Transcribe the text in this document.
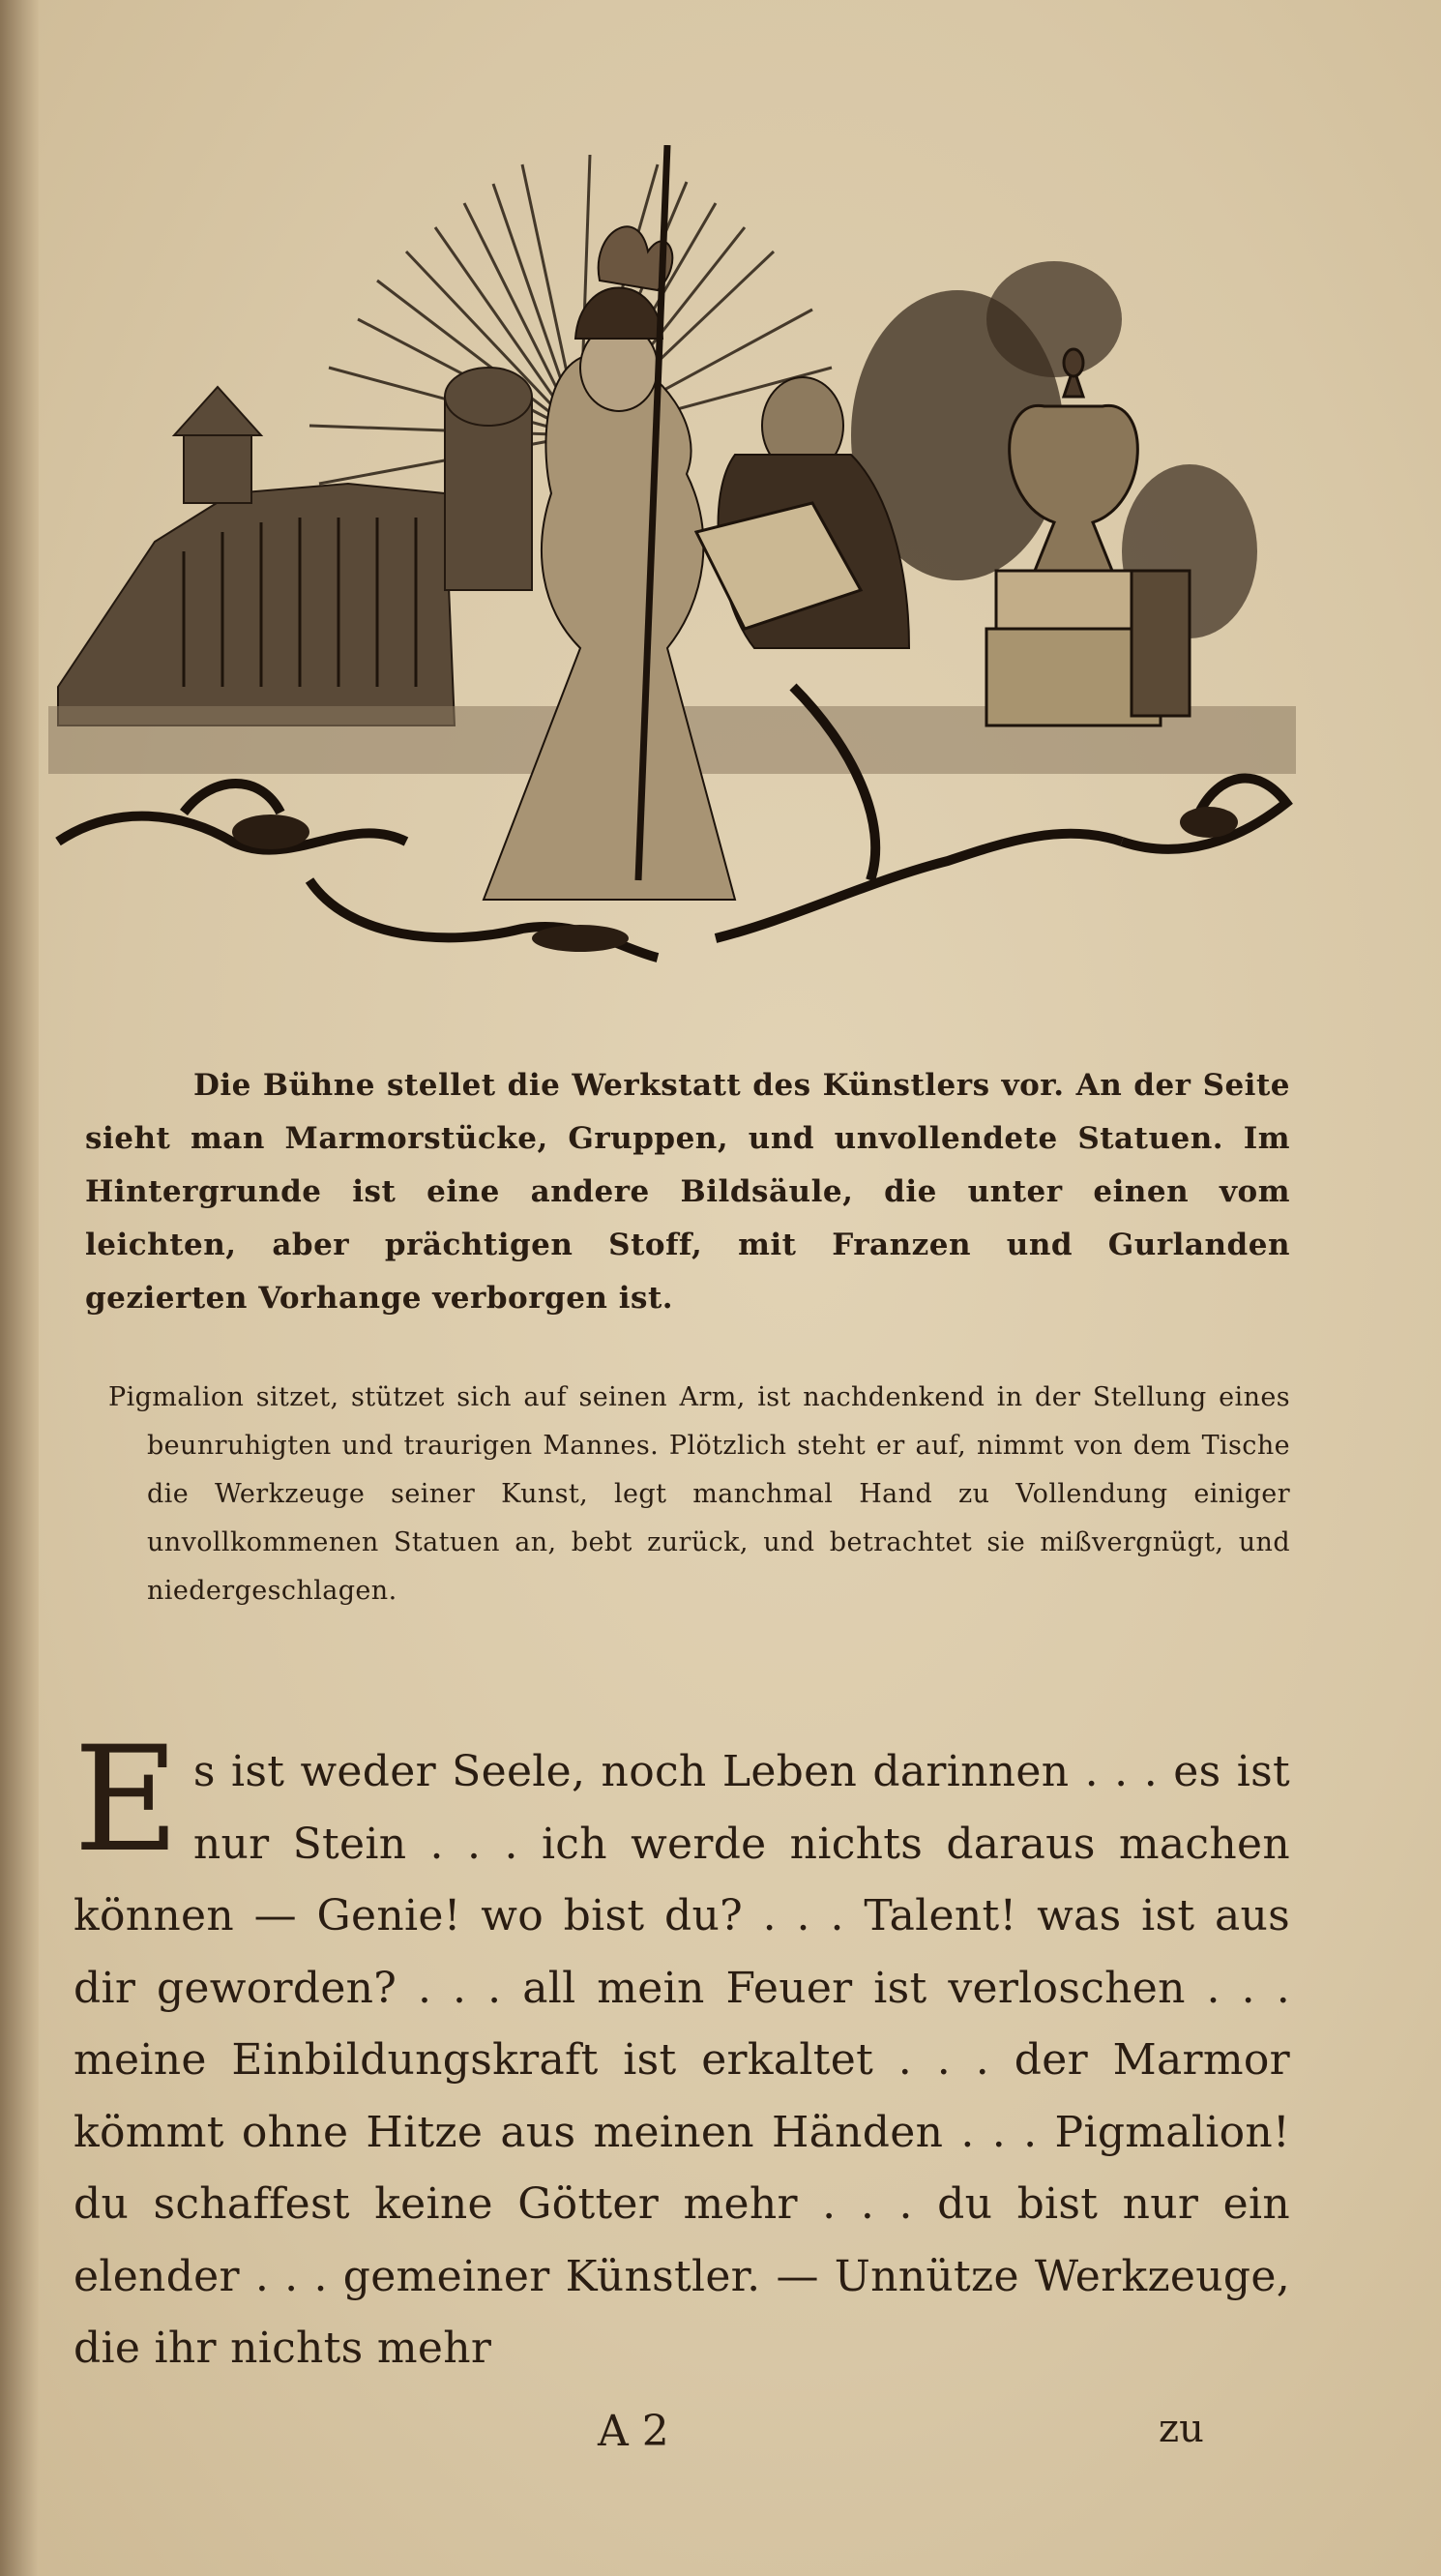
Die Bühne stellet die Werkstatt des Künstlers vor. An der Seite sieht man Marmorstücke, Gruppen, und unvollendete Statuen. Im Hintergrunde ist eine andere Bildsäule, die unter einen vom leichten, aber prächtigen Stoff, mit Franzen und Gurlanden gezierten Vorhange verborgen ist.

Pigmalion sitzet, stützet sich auf seinen Arm, ist nachdenkend in der Stellung eines beunruhigten und traurigen Mannes. Plötzlich steht er auf, nimmt von dem Tische die Werkzeuge seiner Kunst, legt manchmal Hand zu Vollendung einiger unvollkommenen Statuen an, bebt zurück, und betrachtet sie mißvergnügt, und niedergeschlagen.

E s ist weder Seele, noch Leben darinnen . . . es ist nur Stein . . . ich werde nichts daraus machen können — Genie! wo bist du? . . . Talent! was ist aus dir geworden? . . . all mein Feuer ist verloschen . . . meine Einbildungskraft ist erkaltet . . . der Marmor kömmt ohne Hitze aus meinen Händen . . . Pigmalion! du schaffest keine Götter mehr . . . du bist nur ein elender . . . gemeiner Künstler. — Unnütze Werkzeuge, die ihr nichts mehr

A 2	zu
